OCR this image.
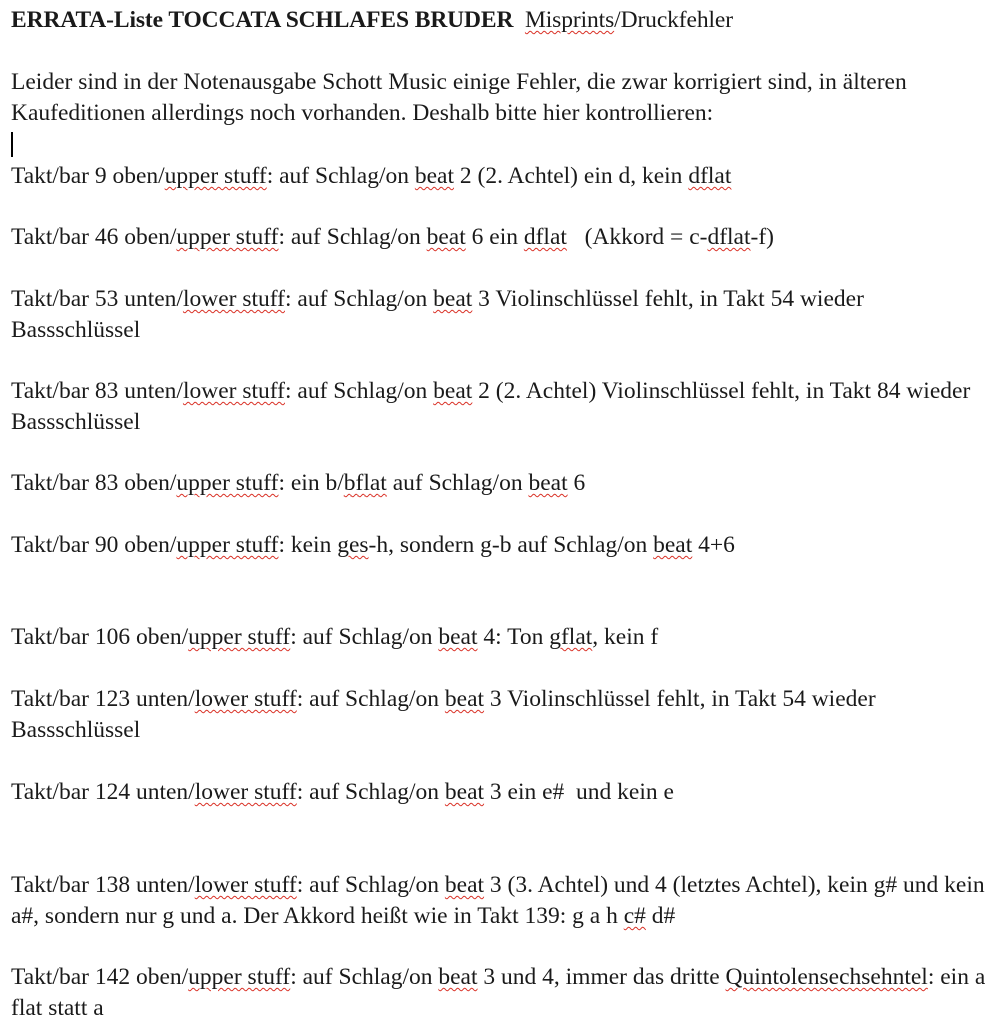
ERRATA-Liste TOCCATA SCHLAFES BRUDER Misprints/Druckfehler
Leider sind in der Notenausgabe Schott Music einige Fehler, die zwar korrigiert sind, in älteren Kaufeditionen allerdings noch vorhanden. Deshalb bitte hier kontrollieren:
Takt/bar 9 oben/upper stuff: auf Schlag/on beat 2 (2. Achtel) ein d, kein dflat
Takt/bar 46 oben/upper stuff: auf Schlag/on beat 6 ein dflat   (Akkord = c-dflat-f)
Takt/bar 53 unten/lower stuff: auf Schlag/on beat 3 Violinschlüssel fehlt, in Takt 54 wieder Bassschlüssel
Takt/bar 83 unten/lower stuff: auf Schlag/on beat 2 (2. Achtel) Violinschlüssel fehlt, in Takt 84 wieder Bassschlüssel
Takt/bar 83 oben/upper stuff: ein b/bflat auf Schlag/on beat 6
Takt/bar 90 oben/upper stuff: kein ges-h, sondern g-b auf Schlag/on beat 4+6
Takt/bar 106 oben/upper stuff: auf Schlag/on beat 4: Ton gflat, kein f
Takt/bar 123 unten/lower stuff: auf Schlag/on beat 3 Violinschlüssel fehlt, in Takt 54 wieder Bassschlüssel
Takt/bar 124 unten/lower stuff: auf Schlag/on beat 3 ein e#  und kein e
Takt/bar 138 unten/lower stuff: auf Schlag/on beat 3 (3. Achtel) und 4 (letztes Achtel), kein g# und kein a#, sondern nur g und a. Der Akkord heißt wie in Takt 139: g a h c# d#
Takt/bar 142 oben/upper stuff: auf Schlag/on beat 3 und 4, immer das dritte Quintolensechsehntel: ein a flat statt a
